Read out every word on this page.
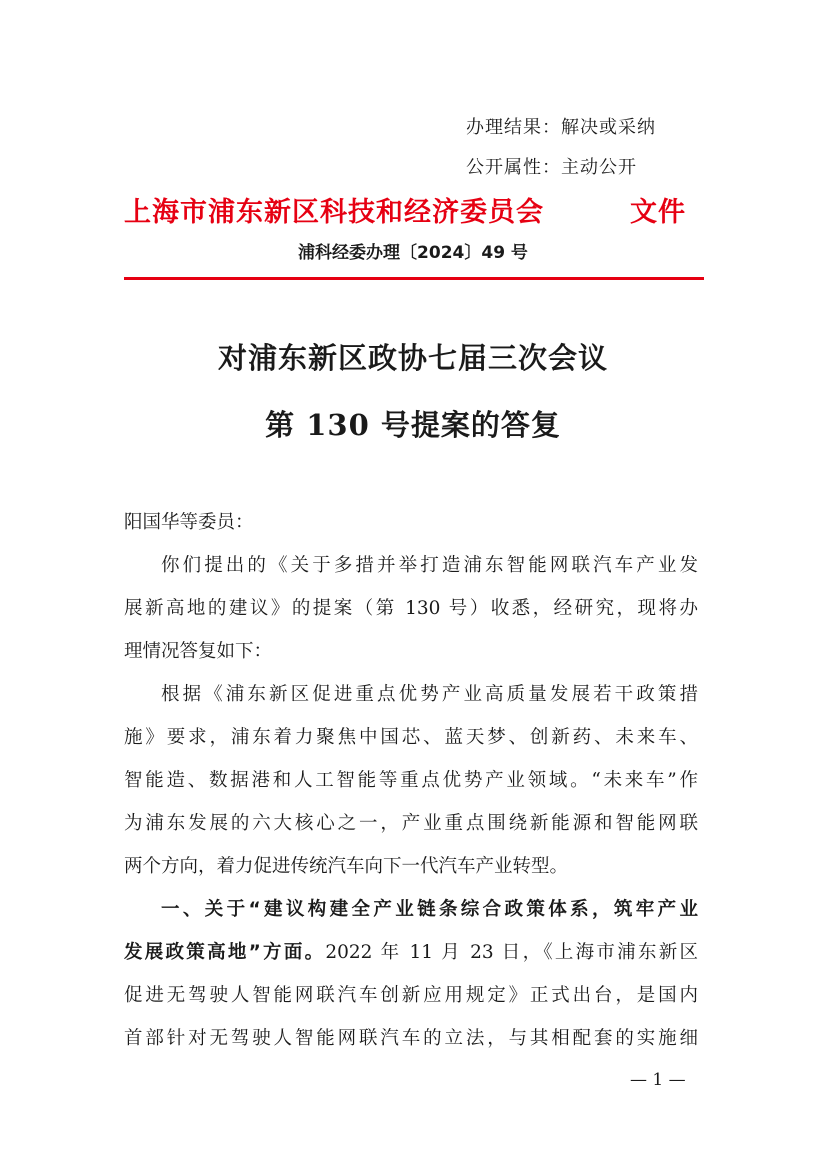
办理结果：解决或采纳
公开属性：主动公开
上海市浦东新区科技和经济委员会	文件
浦科经委办理〔2024〕49 号
对浦东新区政协七届三次会议
第 130 号提案的答复
阳国华等委员：
你们提出的《关于多措并举打造浦东智能网联汽车产业发
展新高地的建议》的提案（第 130 号）收悉，经研究，现将办
理情况答复如下：
根据《浦东新区促进重点优势产业高质量发展若干政策措
施》要求，浦东着力聚焦中国芯、蓝天梦、创新药、未来车、
智能造、数据港和人工智能等重点优势产业领域。“未来车”作
为浦东发展的六大核心之一，产业重点围绕新能源和智能网联
两个方向，着力促进传统汽车向下一代汽车产业转型。
一、关于“建议构建全产业链条综合政策体系，筑牢产业
发展政策高地”方面。2022 年 11 月 23 日，《上海市浦东新区
促进无驾驶人智能网联汽车创新应用规定》正式出台，是国内
首部针对无驾驶人智能网联汽车的立法，与其相配套的实施细
— 1 —
